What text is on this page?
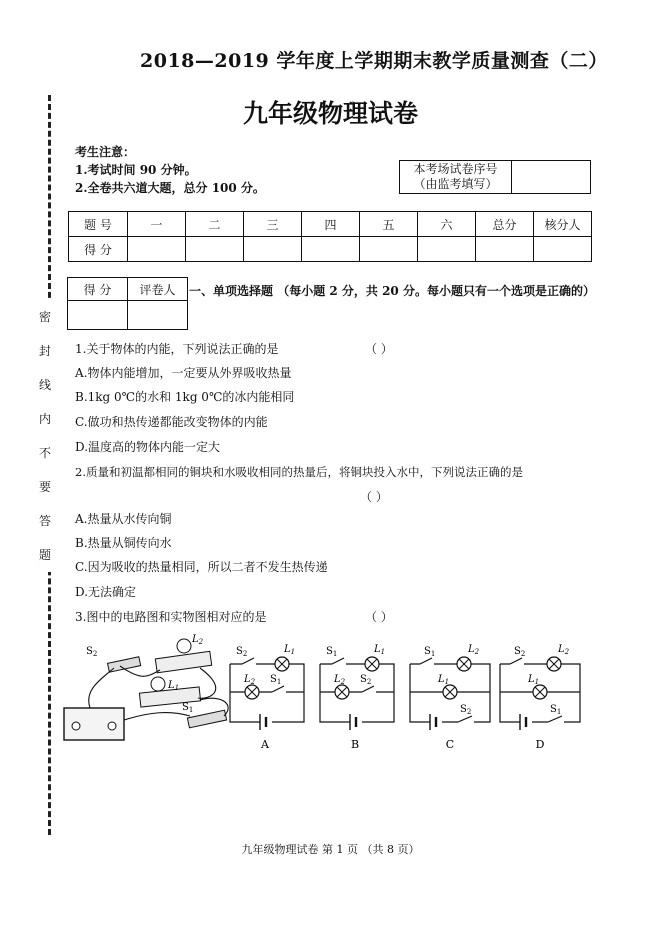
2018—2019 学年度上学期期末教学质量测查（二）
九年级物理试卷
密
封
线
内
不
要
答
题
考生注意：
1.考试时间 90 分钟。
2.全卷共六道大题，总分 100 分。
本考场试卷序号
（由监考填写）
题 号	一	二	三	四	五	六	总分	核分人
得 分								
得 分	评卷人
	一、单项选择题 （每小题 2 分，共 20 分。每小题只有一个选项是正确的）
1.关于物体的内能，下列说法正确的是	（ ）
A.物体内能增加，一定要从外界吸收热量
B.1kg 0℃的水和 1kg 0℃的冰内能相同
C.做功和热传递都能改变物体的内能
D.温度高的物体内能一定大
2.质量和初温都相同的铜块和水吸收相同的热量后，将铜块投入水中，下列说法正确的是
（ ）
A.热量从水传向铜
B.热量从铜传向水
C.因为吸收的热量相同，所以二者不发生热传递
D.无法确定
3.图中的电路图和实物图相对应的是	（ ）
$S_2$
$L_2$
$L_1$
$S_1$
$S_2$	$L_1$
$L_2$ $S_1$
A
$S_1$	$L_1$
$L_2$ $S_2$
B
$S_1$	$L_2$
$L_1$
$S_2$
C
$S_2$	$L_2$
$L_1$
$S_1$
D
九年级物理试卷 第 1 页 （共 8 页）
